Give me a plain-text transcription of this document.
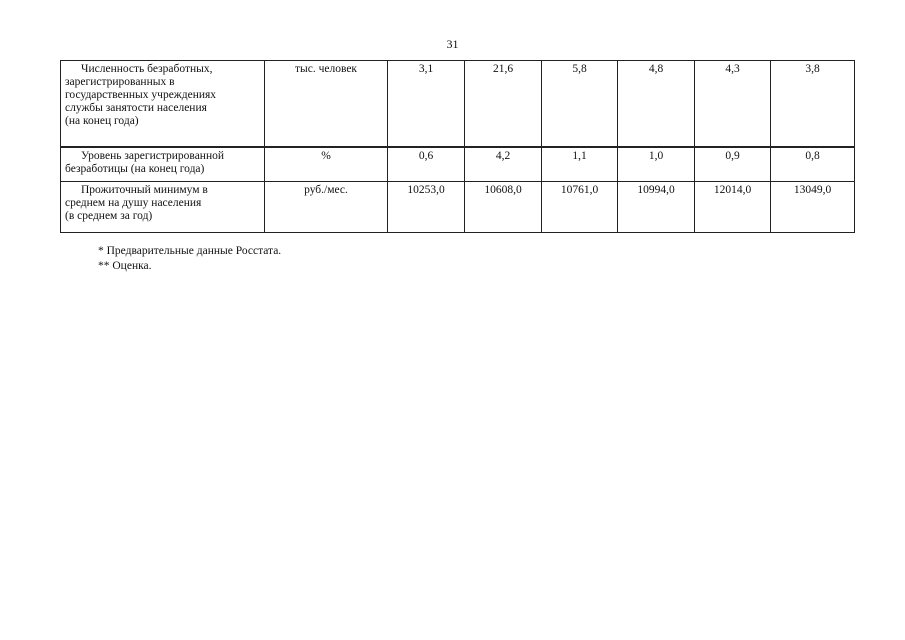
31
Численность безработных,
зарегистрированных в
государственных учреждениях
службы занятости населения
(на конец года)	тыс. человек	3,1	21,6	5,8	4,8	4,3	3,8

Уровень зарегистрированной
безработицы (на конец года)	%	0,6	4,2	1,1	1,0	0,9	0,8

Прожиточный минимум в
среднем на душу населения
(в среднем за год)	руб./мес.	10253,0	10608,0	10761,0	10994,0	12014,0	13049,0
* Предварительные данные Росстата.
** Оценка.
